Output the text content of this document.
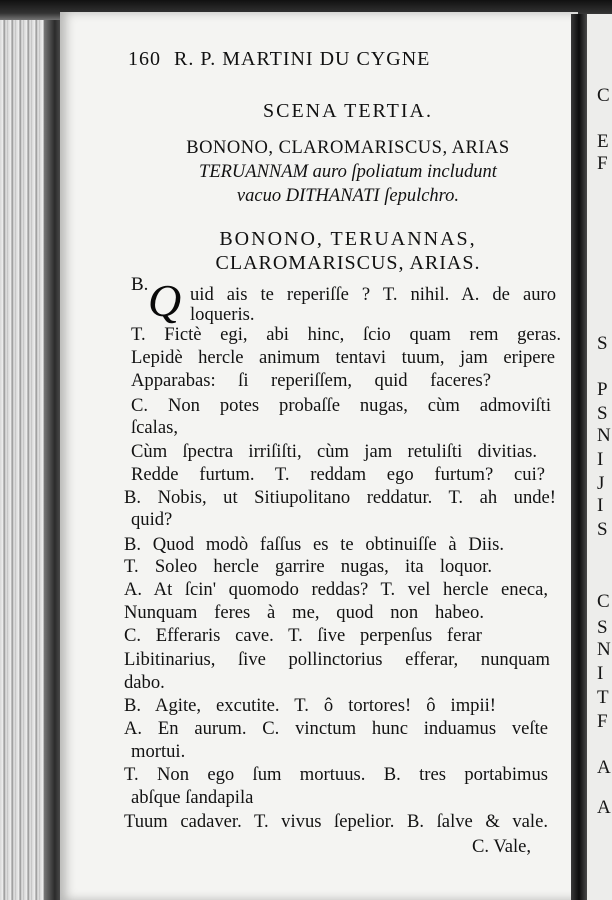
C
E
F
S
P
S
N
I
J
I
S
C
S
N
I
T
F
A
A
160 R. P. MARTINI DU CYGNE
SCENA TERTIA.
BONONO, CLAROMARISCUS, ARIAS
TERUANNAM auro ſpoliatum includunt
vacuo DITHANATI ſepulchro.
BONONO, TERUANNAS,
CLAROMARISCUS, ARIAS.
B. Q uid ais te reperiſſe ? T. nihil. A. de auro
loqueris.
T. Fictè egi, abi hinc, ſcio quam rem geras.
Lepidè hercle animum tentavi tuum, jam eripere
Apparabas: ſi reperiſſem, quid faceres?
C. Non potes probaſſe nugas, cùm admoviſti
ſcalas,
Cùm ſpectra irriſiſti, cùm jam retuliſti divitias.
Redde furtum. T. reddam ego furtum? cui?
B. Nobis, ut Sitiupolitano reddatur. T. ah unde!
quid?
B. Quod modò faſſus es te obtinuiſſe à Diis.
T. Soleo hercle garrire nugas, ita loquor.
A. At ſcin' quomodo reddas? T. vel hercle eneca,
Nunquam feres à me, quod non habeo.
C. Efferaris cave. T. ſive perpenſus ferar
Libitinarius, ſive pollinctorius efferar, nunquam
dabo.
B. Agite, excutite. T. ô tortores! ô impii!
A. En aurum. C. vinctum hunc induamus veſte
mortui.
T. Non ego ſum mortuus. B. tres portabimus
abſque ſandapila
Tuum cadaver. T. vivus ſepelior. B. ſalve & vale.
C. Vale,
